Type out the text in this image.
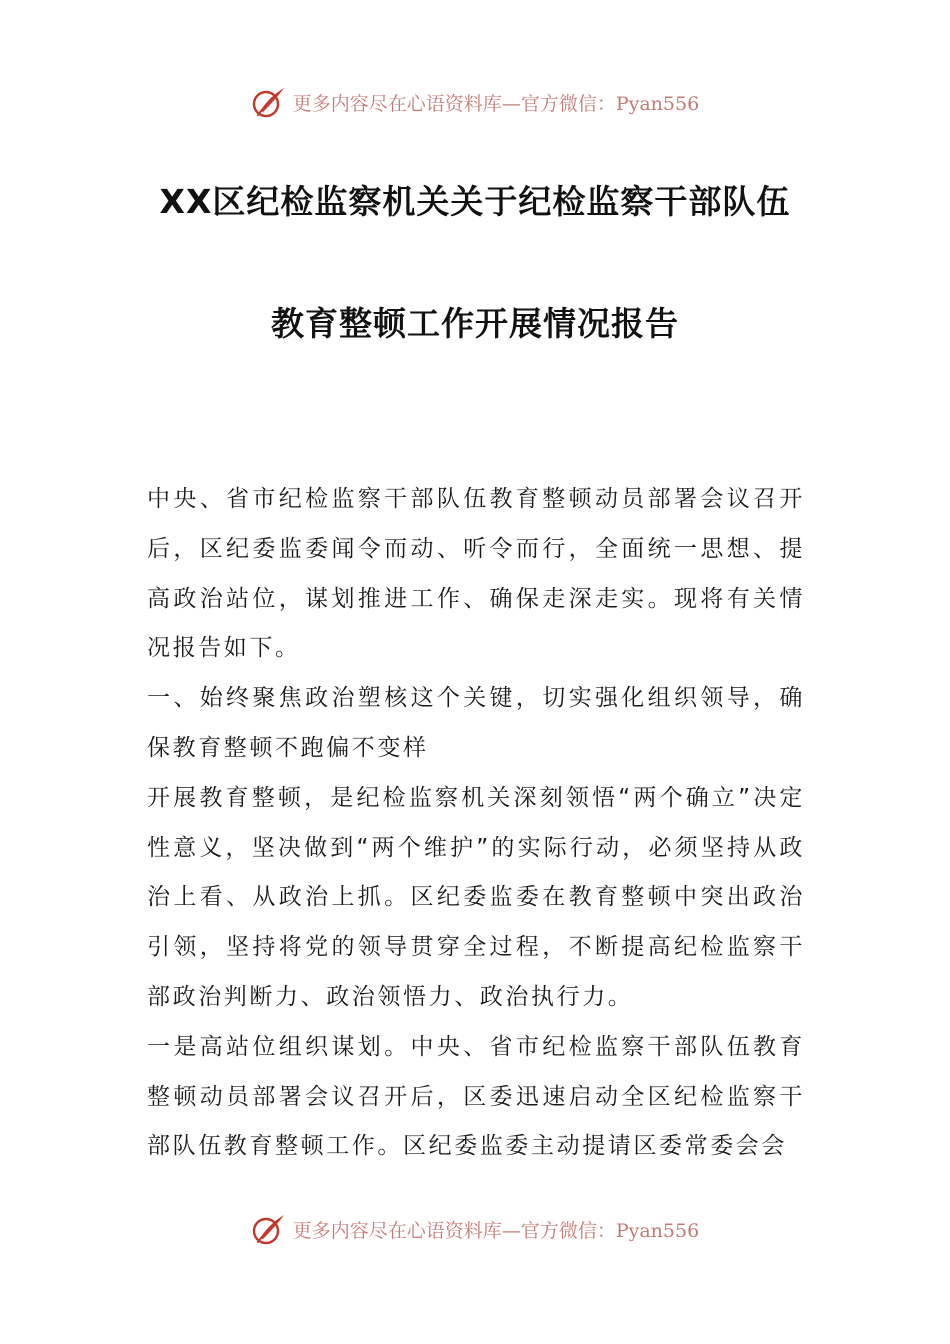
更多内容尽在心语资料库—官方微信：Pyan556
XX区纪检监察机关关于纪检监察干部队伍
教育整顿工作开展情况报告

中央、省市纪检监察干部队伍教育整顿动员部署会议召开后，区纪委监委闻令而动、听令而行，全面统一思想、提高政治站位，谋划推进工作、确保走深走实。现将有关情况报告如下。

一、始终聚焦政治塑核这个关键，切实强化组织领导，确保教育整顿不跑偏不变样

开展教育整顿，是纪检监察机关深刻领悟“两个确立”决定性意义，坚决做到“两个维护”的实际行动，必须坚持从政治上看、从政治上抓。区纪委监委在教育整顿中突出政治引领，坚持将党的领导贯穿全过程，不断提高纪检监察干部政治判断力、政治领悟力、政治执行力。

一是高站位组织谋划。中央、省市纪检监察干部队伍教育整顿动员部署会议召开后，区委迅速启动全区纪检监察干部队伍教育整顿工作。区纪委监委主动提请区委常委会会

更多内容尽在心语资料库—官方微信：Pyan556
